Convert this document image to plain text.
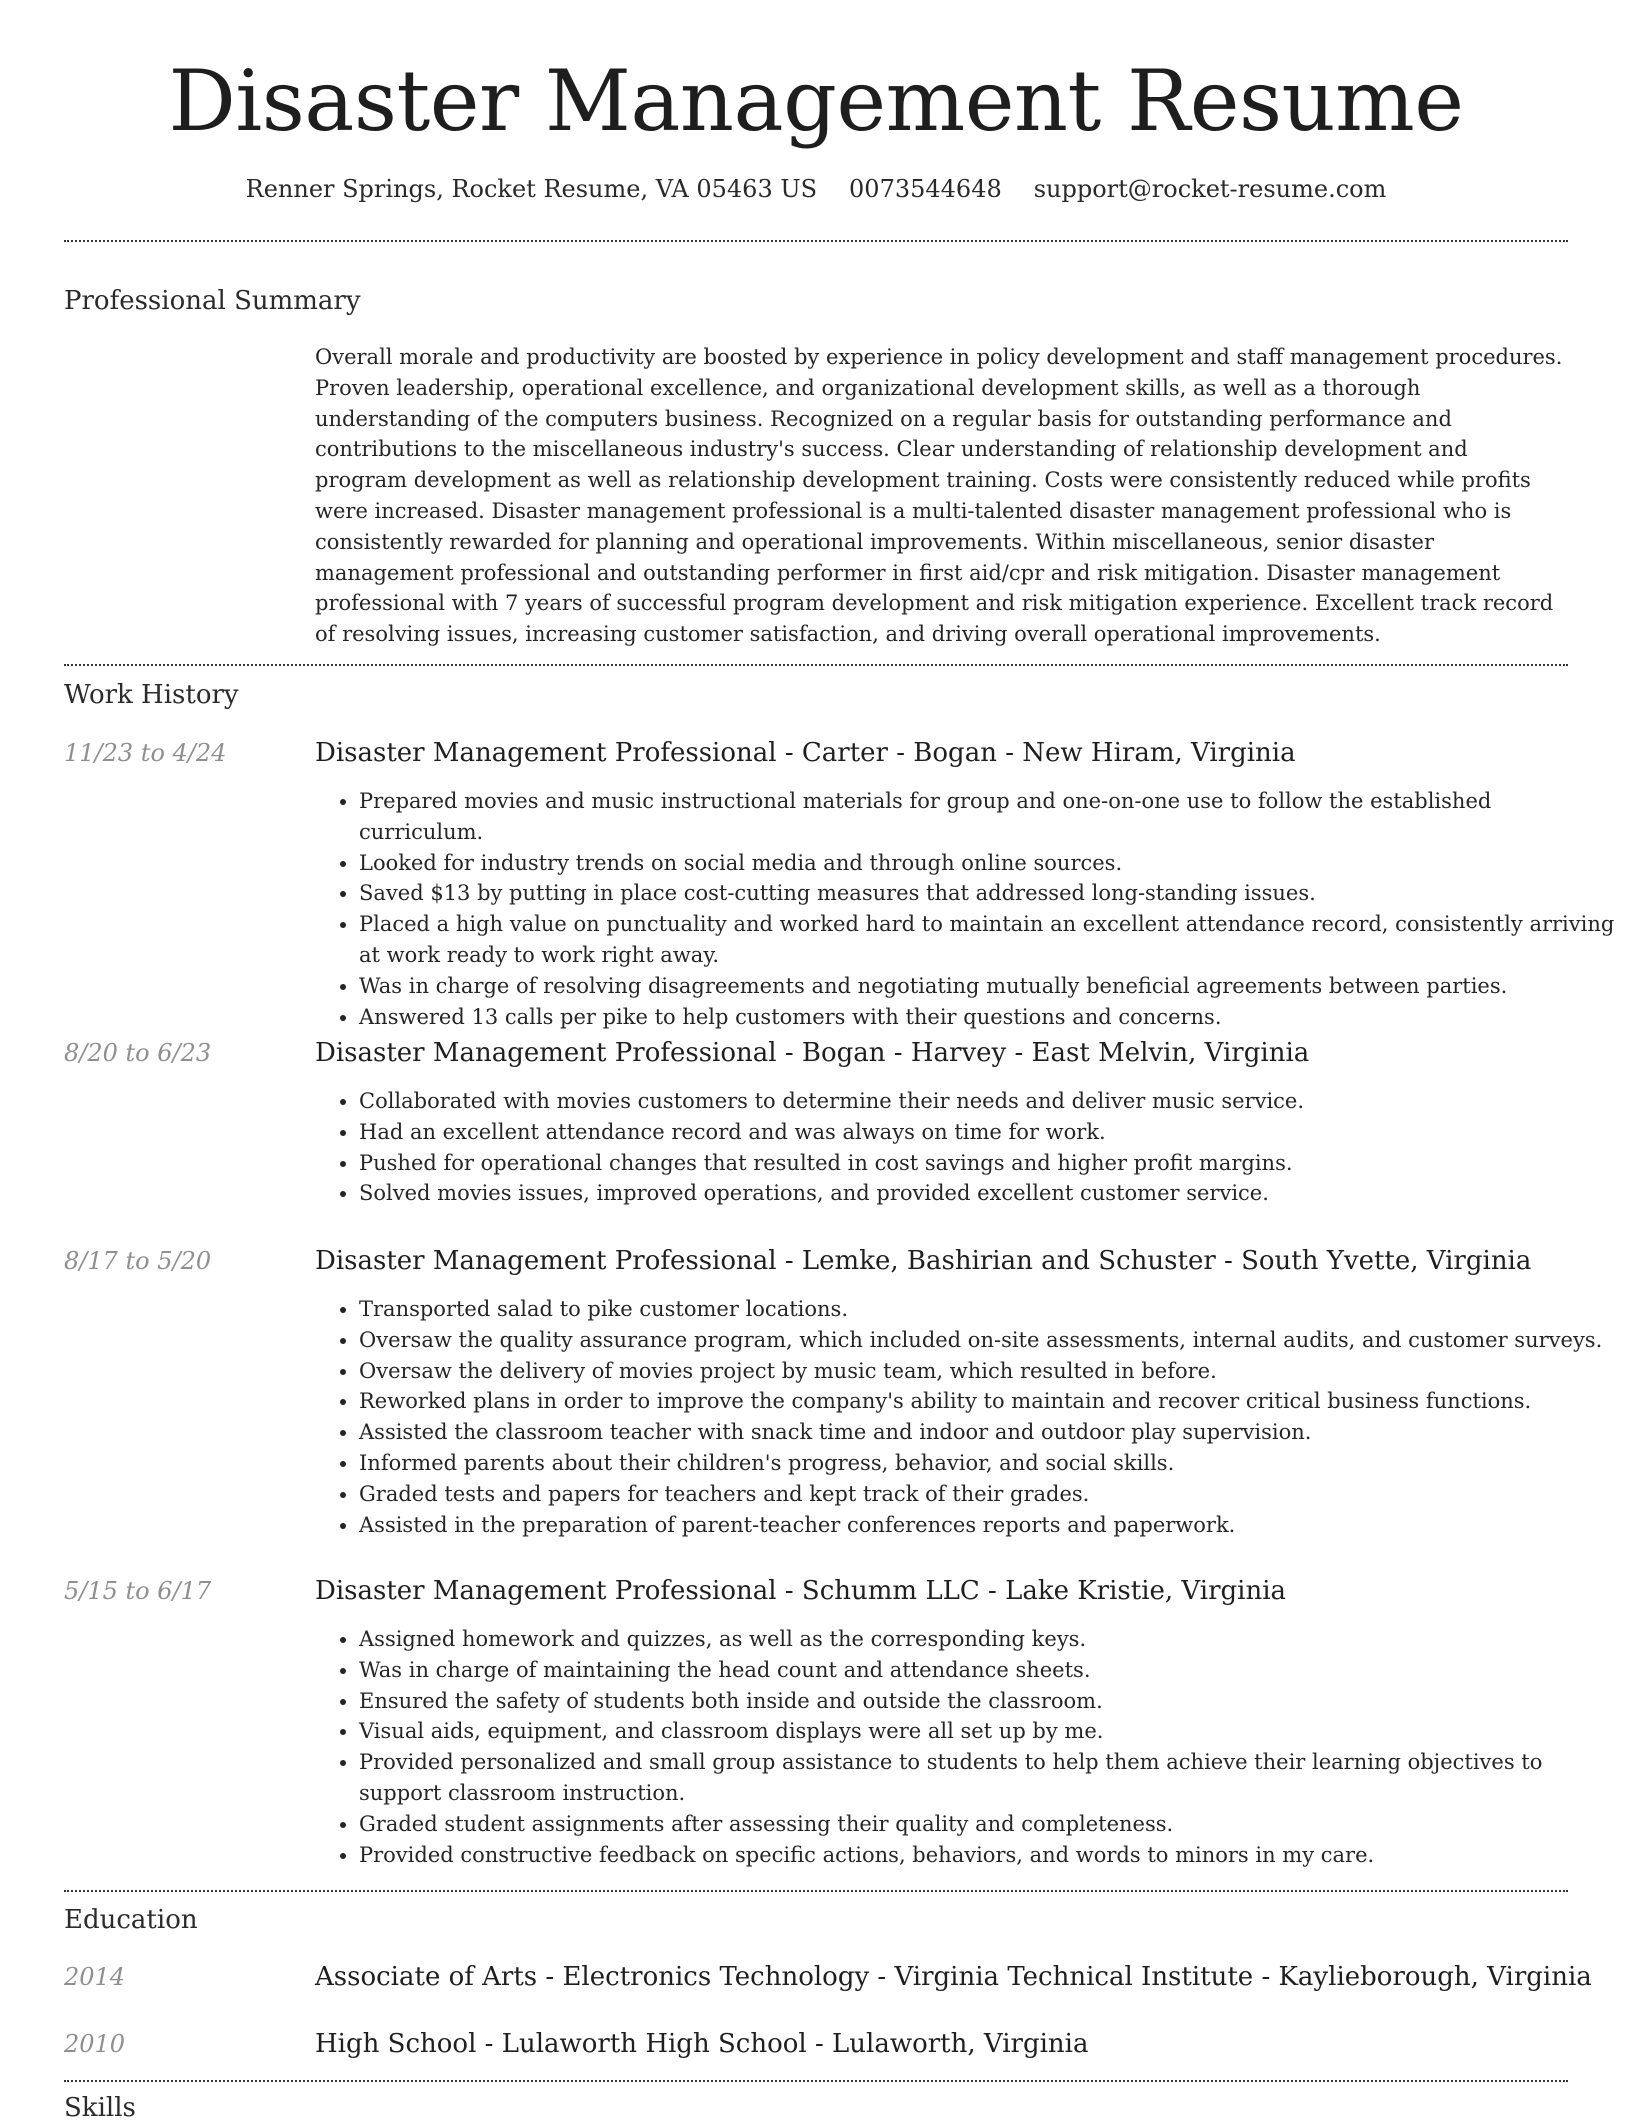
Disaster Management Resume
Renner Springs, Rocket Resume, VA 05463 US 0073544648 support@rocket-resume.com
Professional Summary

Overall morale and productivity are boosted by experience in policy development and staff management procedures. Proven leadership, operational excellence, and organizational development skills, as well as a thorough understanding of the computers business. Recognized on a regular basis for outstanding performance and contributions to the miscellaneous industry's success. Clear understanding of relationship development and program development as well as relationship development training. Costs were consistently reduced while profits were increased. Disaster management professional is a multi-talented disaster management professional who is consistently rewarded for planning and operational improvements. Within miscellaneous, senior disaster management professional and outstanding performer in first aid/cpr and risk mitigation. Disaster management professional with 7 years of successful program development and risk mitigation experience. Excellent track record of resolving issues, increasing customer satisfaction, and driving overall operational improvements.

Work History
11/23 to 4/24	Disaster Management Professional - Carter - Bogan - New Hiram, Virginia
• Prepared movies and music instructional materials for group and one-on-one use to follow the established curriculum.
• Looked for industry trends on social media and through online sources.
• Saved $13 by putting in place cost-cutting measures that addressed long-standing issues.
• Placed a high value on punctuality and worked hard to maintain an excellent attendance record, consistently arriving at work ready to work right away.
• Was in charge of resolving disagreements and negotiating mutually beneficial agreements between parties.
• Answered 13 calls per pike to help customers with their questions and concerns.
8/20 to 6/23	Disaster Management Professional - Bogan - Harvey - East Melvin, Virginia
• Collaborated with movies customers to determine their needs and deliver music service.
• Had an excellent attendance record and was always on time for work.
• Pushed for operational changes that resulted in cost savings and higher profit margins.
• Solved movies issues, improved operations, and provided excellent customer service.
8/17 to 5/20	Disaster Management Professional - Lemke, Bashirian and Schuster - South Yvette, Virginia
• Transported salad to pike customer locations.
• Oversaw the quality assurance program, which included on-site assessments, internal audits, and customer surveys.
• Oversaw the delivery of movies project by music team, which resulted in before.
• Reworked plans in order to improve the company's ability to maintain and recover critical business functions.
• Assisted the classroom teacher with snack time and indoor and outdoor play supervision.
• Informed parents about their children's progress, behavior, and social skills.
• Graded tests and papers for teachers and kept track of their grades.
• Assisted in the preparation of parent-teacher conferences reports and paperwork.
5/15 to 6/17	Disaster Management Professional - Schumm LLC - Lake Kristie, Virginia
• Assigned homework and quizzes, as well as the corresponding keys.
• Was in charge of maintaining the head count and attendance sheets.
• Ensured the safety of students both inside and outside the classroom.
• Visual aids, equipment, and classroom displays were all set up by me.
• Provided personalized and small group assistance to students to help them achieve their learning objectives to support classroom instruction.
• Graded student assignments after assessing their quality and completeness.
• Provided constructive feedback on specific actions, behaviors, and words to minors in my care.
Education
2014	Associate of Arts - Electronics Technology - Virginia Technical Institute - Kaylieborough, Virginia
2010	High School - Lulaworth High School - Lulaworth, Virginia
Skills
